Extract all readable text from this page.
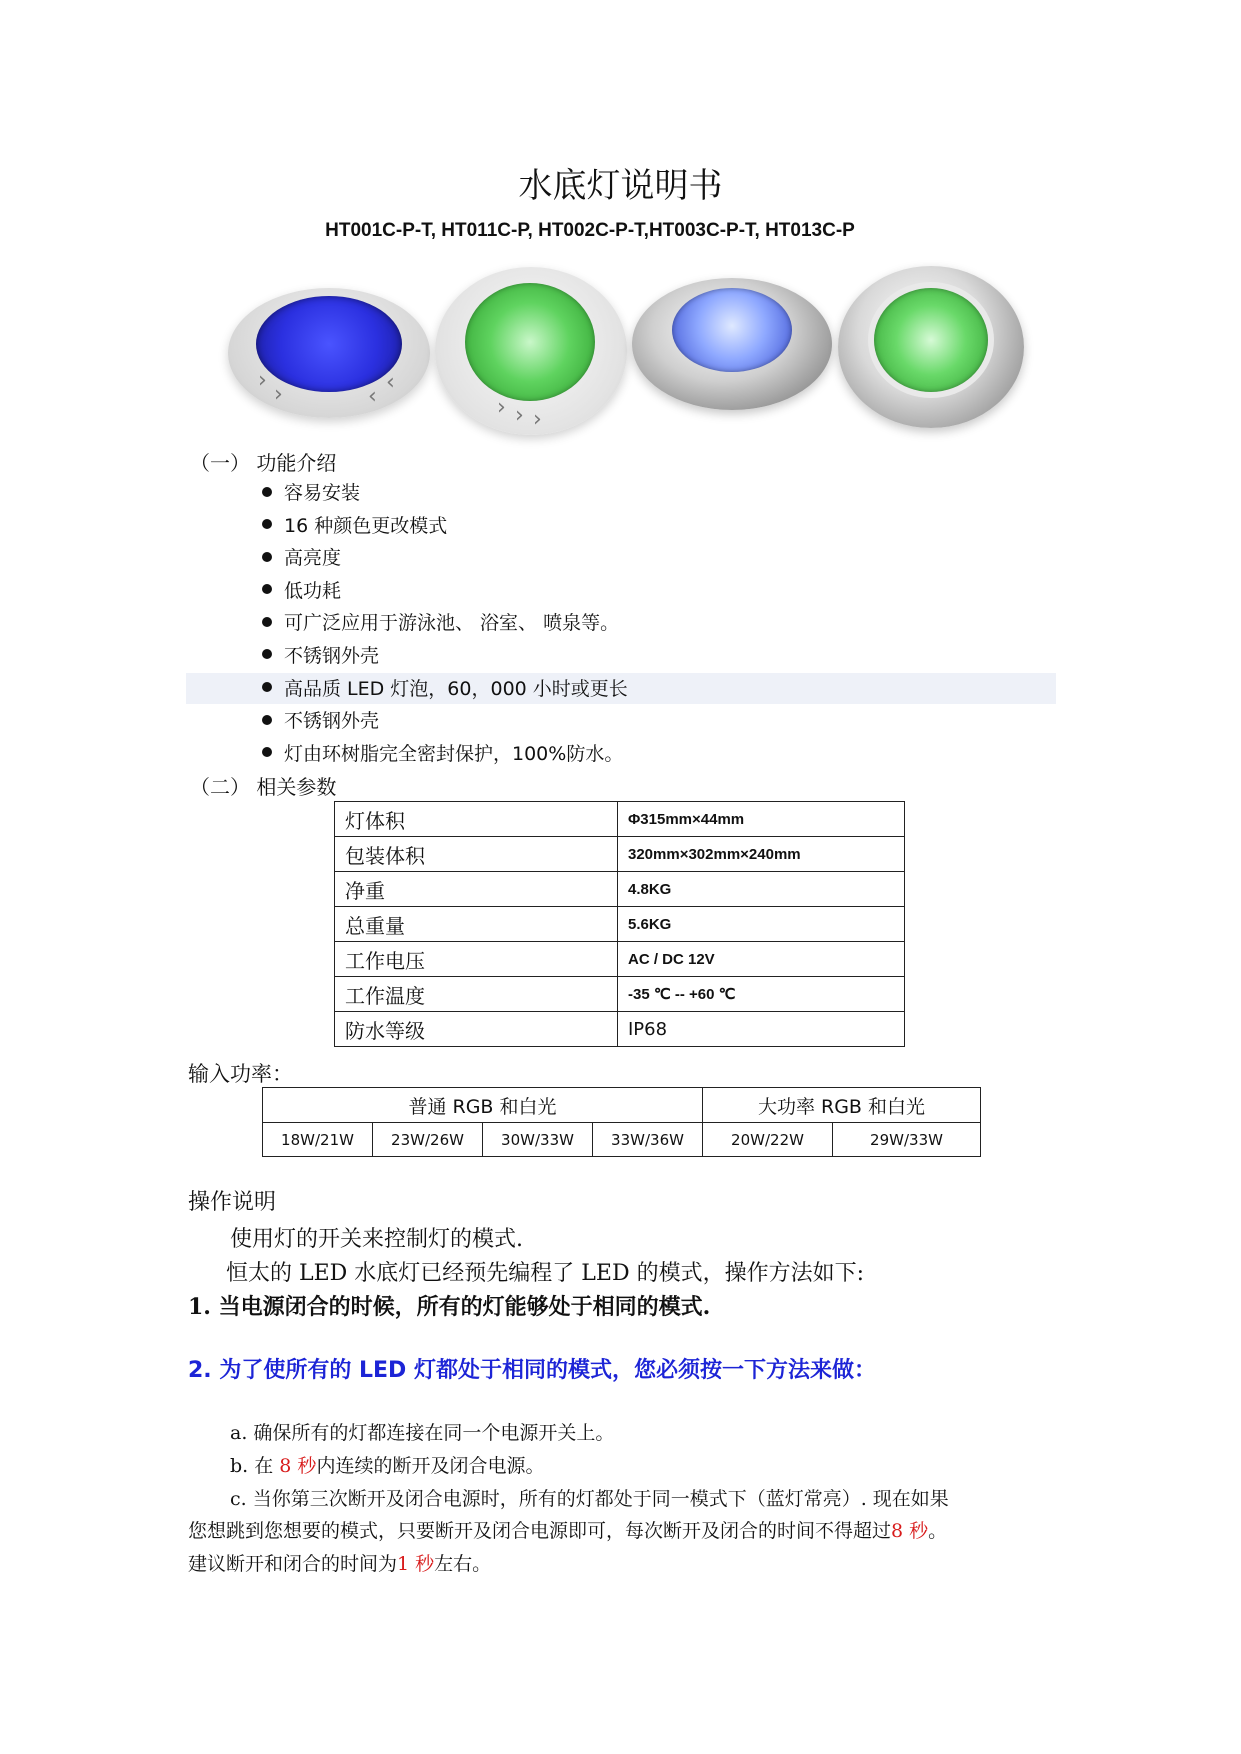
水底灯说明书
HT001C-P-T, HT011C-P, HT002C-P-T,HT003C-P-T, HT013C-P
›
›	‹
‹
› › ›
（一） 功能介绍
容易安装
16 种颜色更改模式
高亮度
低功耗
可广泛应用于游泳池、 浴室、 喷泉等。
不锈钢外壳
高品质 LED 灯泡，60，000 小时或更长
不锈钢外壳
灯由环树脂完全密封保护，100%防水。
（二） 相关参数
灯体积	Φ315mm×44mm
包装体积	320mm×302mm×240mm
净重	4.8KG
总重量	5.6KG
工作电压	AC / DC 12V
工作温度	-35 ℃ -- +60 ℃
防水等级	IP68
输入功率：
普通 RGB 和白光				大功率 RGB 和白光	
18W/21W	23W/26W	30W/33W	33W/36W	20W/22W	29W/33W
操作说明
使用灯的开关来控制灯的模式.
恒太的 LED 水底灯已经预先编程了 LED 的模式，操作方法如下:
1. 当电源闭合的时候，所有的灯能够处于相同的模式.
2. 为了使所有的 LED 灯都处于相同的模式，您必须按一下方法来做：
a. 确保所有的灯都连接在同一个电源开关上。
b. 在 8 秒内连续的断开及闭合电源。
c. 当你第三次断开及闭合电源时，所有的灯都处于同一模式下（蓝灯常亮）. 现在如果
您想跳到您想要的模式，只要断开及闭合电源即可，每次断开及闭合的时间不得超过8 秒。
建议断开和闭合的时间为1 秒左右。
